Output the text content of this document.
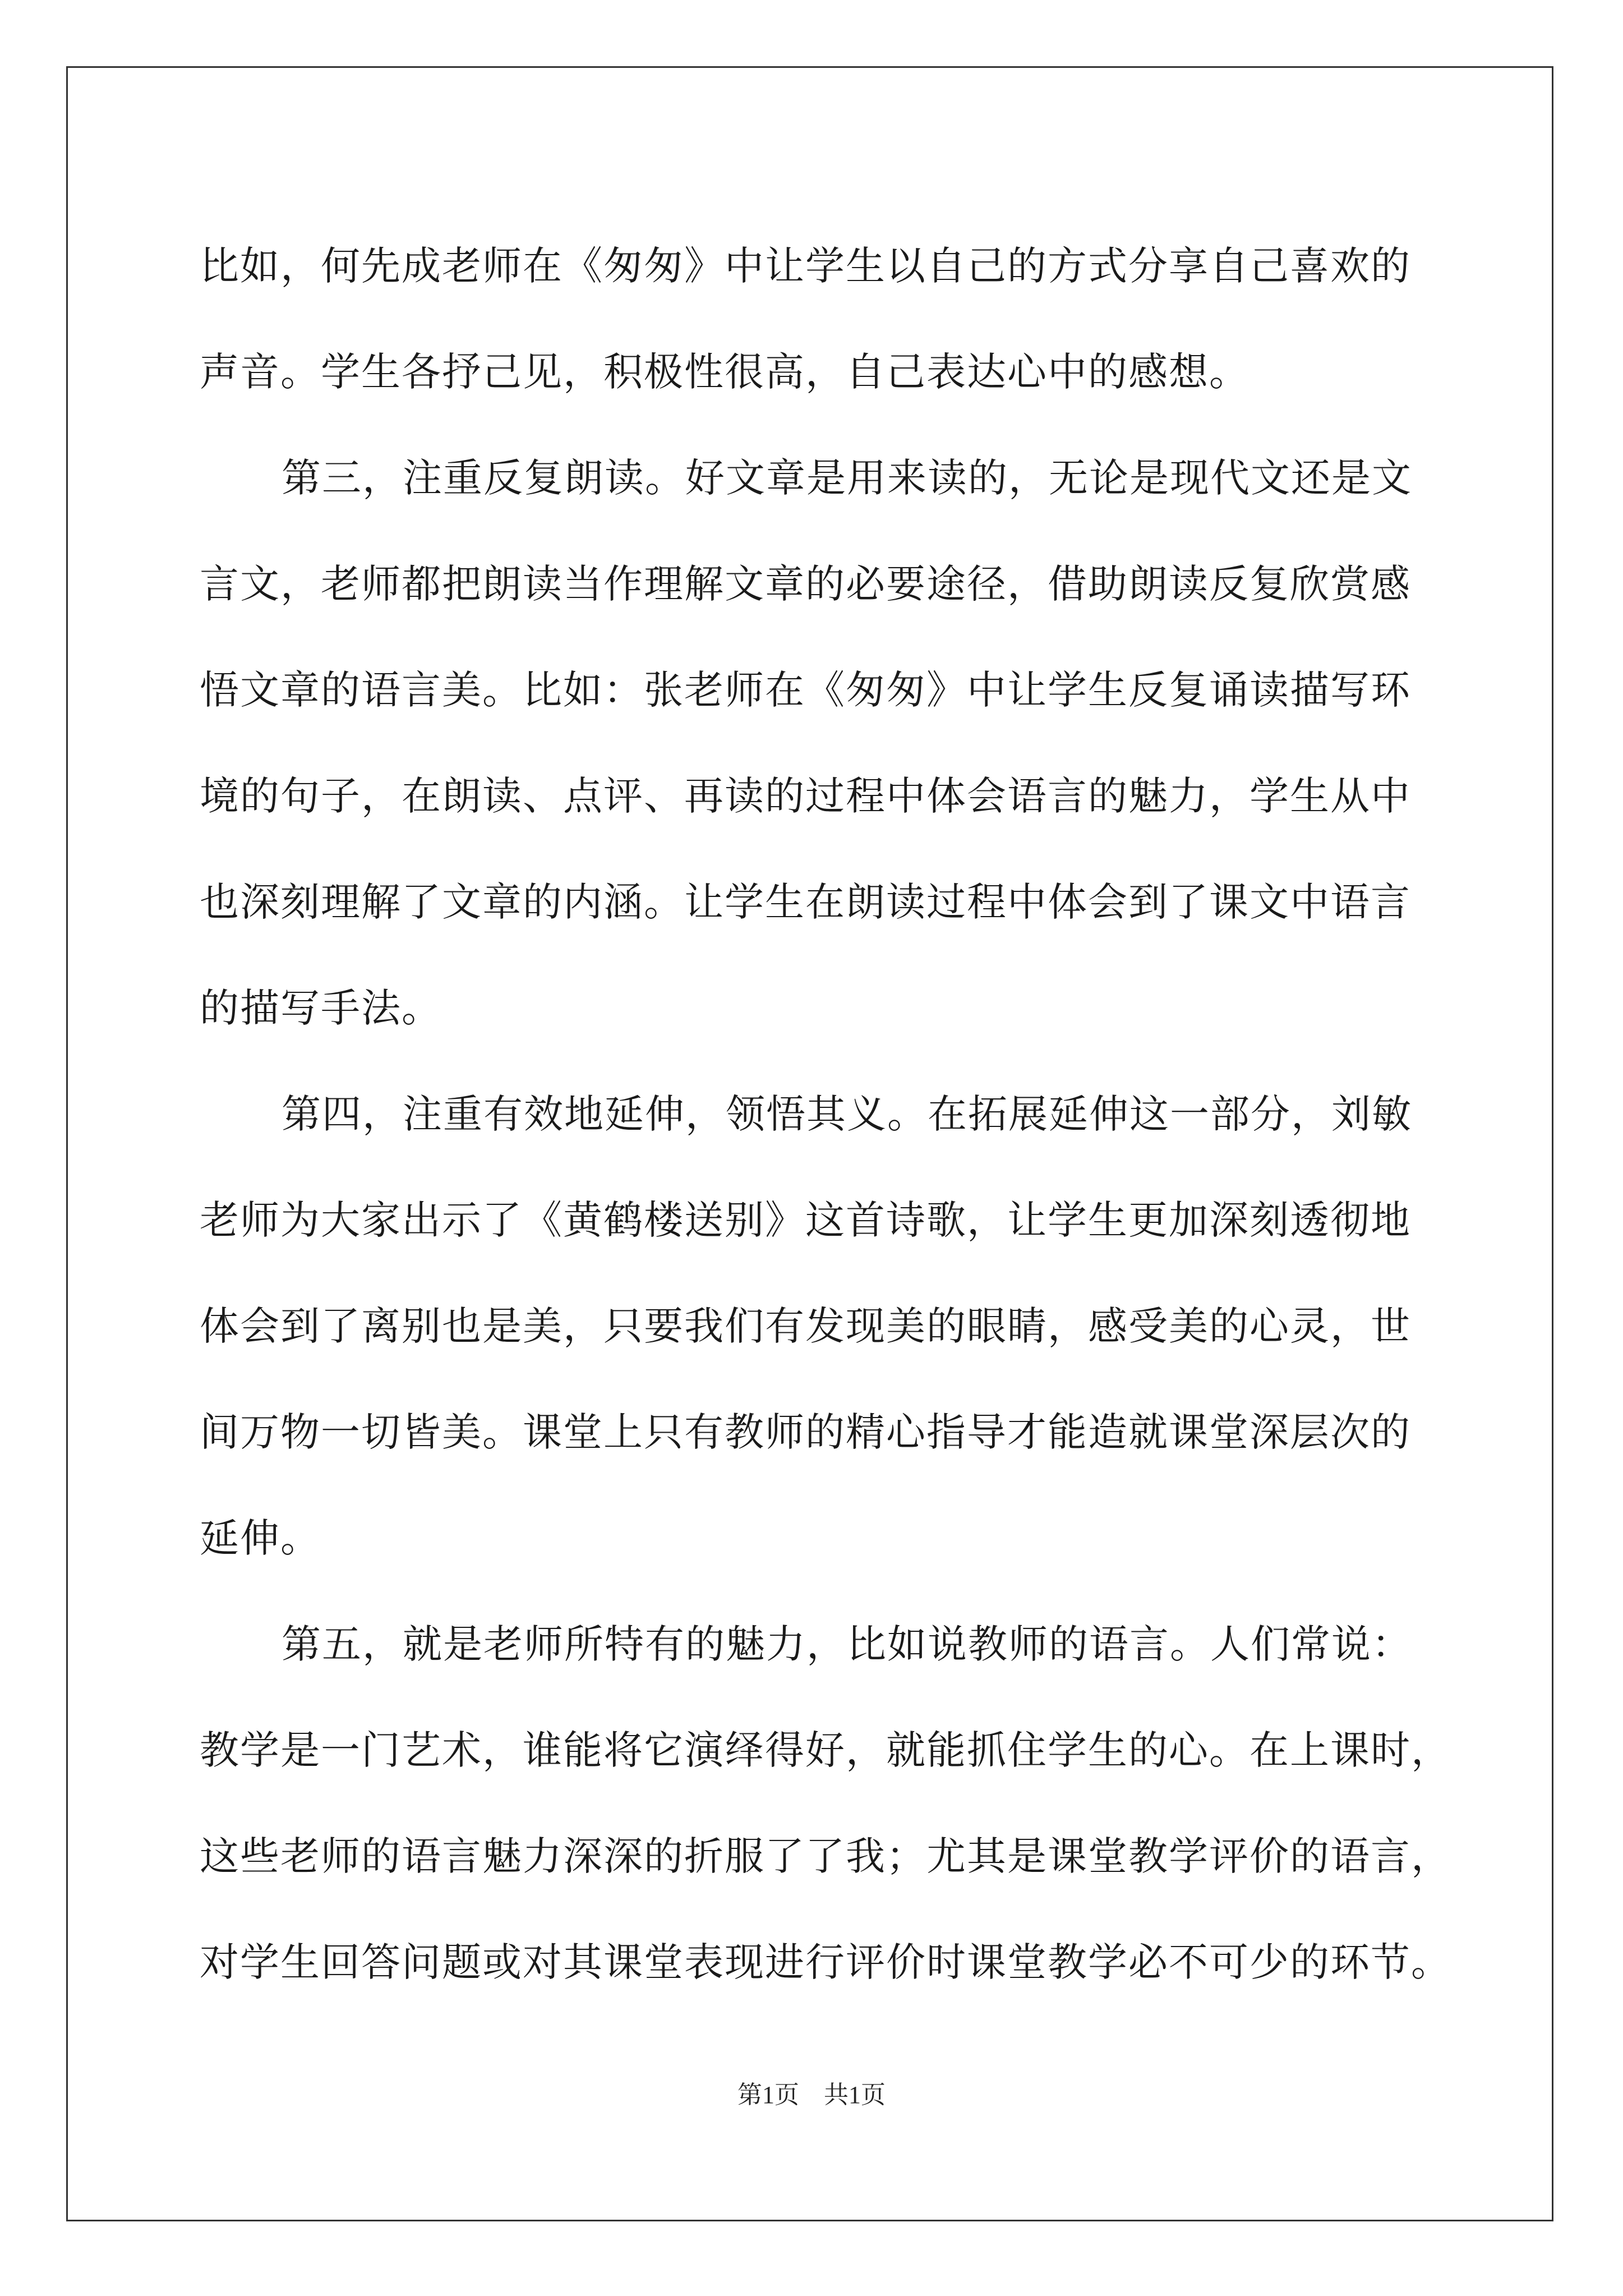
比如，何先成老师在《匆匆》中让学生以自己的方式分享自己喜欢的
声音。学生各抒己见，积极性很高，自己表达心中的感想。

第三，注重反复朗读。好文章是用来读的，无论是现代文还是文
言文，老师都把朗读当作理解文章的必要途径，借助朗读反复欣赏感
悟文章的语言美。比如：张老师在《匆匆》中让学生反复诵读描写环
境的句子，在朗读、点评、再读的过程中体会语言的魅力，学生从中
也深刻理解了文章的内涵。让学生在朗读过程中体会到了课文中语言
的描写手法。

第四，注重有效地延伸，领悟其义。在拓展延伸这一部分，刘敏
老师为大家出示了《黄鹤楼送别》这首诗歌，让学生更加深刻透彻地
体会到了离别也是美，只要我们有发现美的眼睛，感受美的心灵，世
间万物一切皆美。课堂上只有教师的精心指导才能造就课堂深层次的
延伸。

第五，就是老师所特有的魅力，比如说教师的语言。人们常说：
教学是一门艺术，谁能将它演绎得好，就能抓住学生的心。在上课时，
这些老师的语言魅力深深的折服了了我；尤其是课堂教学评价的语言，
对学生回答问题或对其课堂表现进行评价时课堂教学必不可少的环节。

第1页　共1页
